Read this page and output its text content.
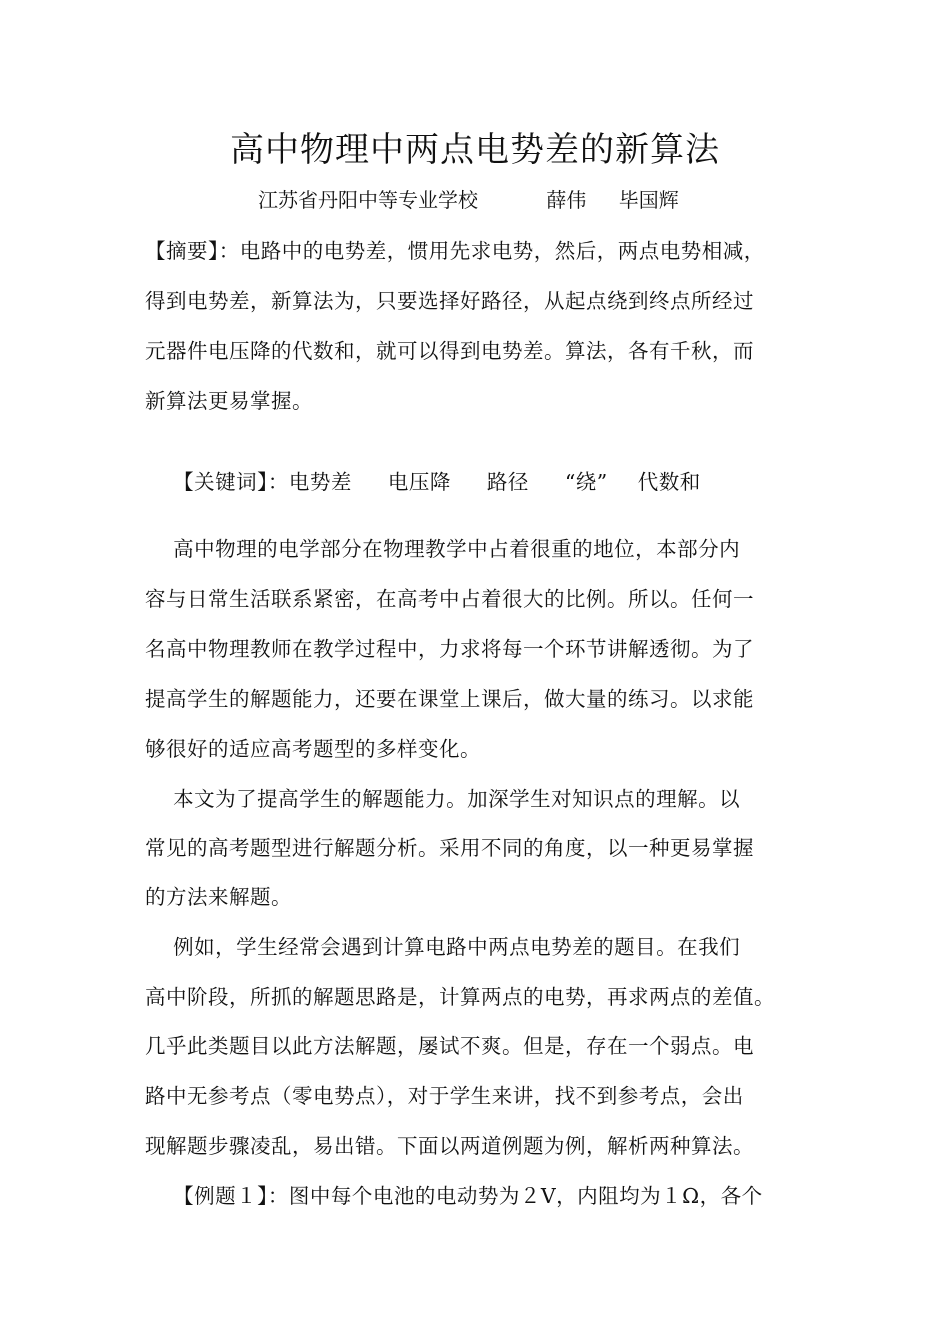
高中物理中两点电势差的新算法
江苏省丹阳中等专业学校	薛伟 毕国辉
【摘要】：电路中的电势差，惯用先求电势，然后，两点电势相减，
得到电势差，新算法为，只要选择好路径，从起点绕到终点所经过
元器件电压降的代数和，就可以得到电势差。算法，各有千秋，而
新算法更易掌握。

【关键词】：电势差 电压降 路径 “绕” 代数和

高中物理的电学部分在物理教学中占着很重的地位，本部分内
容与日常生活联系紧密，在高考中占着很大的比例。所以。任何一
名高中物理教师在教学过程中，力求将每一个环节讲解透彻。为了
提高学生的解题能力，还要在课堂上课后，做大量的练习。以求能
够很好的适应高考题型的多样变化。
本文为了提高学生的解题能力。加深学生对知识点的理解。以
常见的高考题型进行解题分析。采用不同的角度，以一种更易掌握
的方法来解题。
例如，学生经常会遇到计算电路中两点电势差的题目。在我们
高中阶段，所抓的解题思路是，计算两点的电势，再求两点的差值。
几乎此类题目以此方法解题，屡试不爽。但是，存在一个弱点。电
路中无参考点（零电势点），对于学生来讲，找不到参考点，会出
现解题步骤凌乱，易出错。下面以两道例题为例，解析两种算法。
【例题１】：图中每个电池的电动势为２V，内阻均为１Ω，各个
